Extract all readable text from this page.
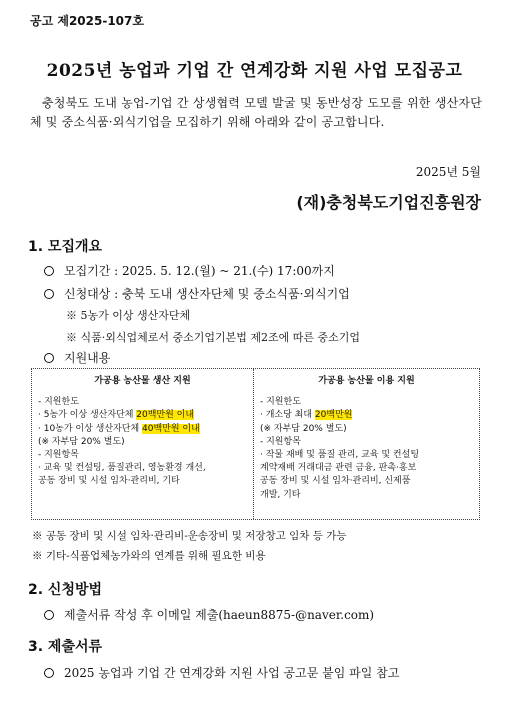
공고 제2025-107호
2025년 농업과 기업 간 연계강화 지원 사업 모집공고
충청북도 도내 농업-기업 간 상생협력 모델 발굴 및 동반성장 도모를 위한 생산자단체 및 중소식품·외식기업을 모집하기 위해 아래와 같이 공고합니다.
2025년 5월
(재)충청북도기업진흥원장
1. 모집개요
모집기간 : 2025. 5. 12.(월) ~ 21.(수) 17:00까지
신청대상 : 충북 도내 생산자단체 및 중소식품·외식기업
※ 5농가 이상 생산자단체
※ 식품·외식업체로서 중소기업기본법 제2조에 따른 중소기업
지원내용
가공용 농산물 생산 지원
- 지원한도
· 5농가 이상 생산자단체 20백만원 이내
· 10농가 이상 생산자단체 40백만원 이내
(※ 자부담 20% 별도)
- 지원항목
· 교육 및 컨설팅, 품질관리, 영농환경 개선,
공동 장비 및 시설 임차·관리비, 기타
가공용 농산물 이용 지원
- 지원한도
· 개소당 최대 20백만원
(※ 자부담 20% 별도)
- 지원항목
· 작물 재배 및 품질 관리, 교육 및 컨설팅
계약재배 거래대금 관련 금융, 판촉·홍보
공동 장비 및 시설 임차·관리비, 신제품
개발, 기타
※ 공동 장비 및 시설 임차·관리비-운송장비 및 저장창고 임차 등 가능
※ 기타-식품업체농가와의 연계를 위해 필요한 비용
2. 신청방법
제출서류 작성 후 이메일 제출(haeun8875-@naver.com)
3. 제출서류
2025 농업과 기업 간 연계강화 지원 사업 공고문 붙임 파일 참고
